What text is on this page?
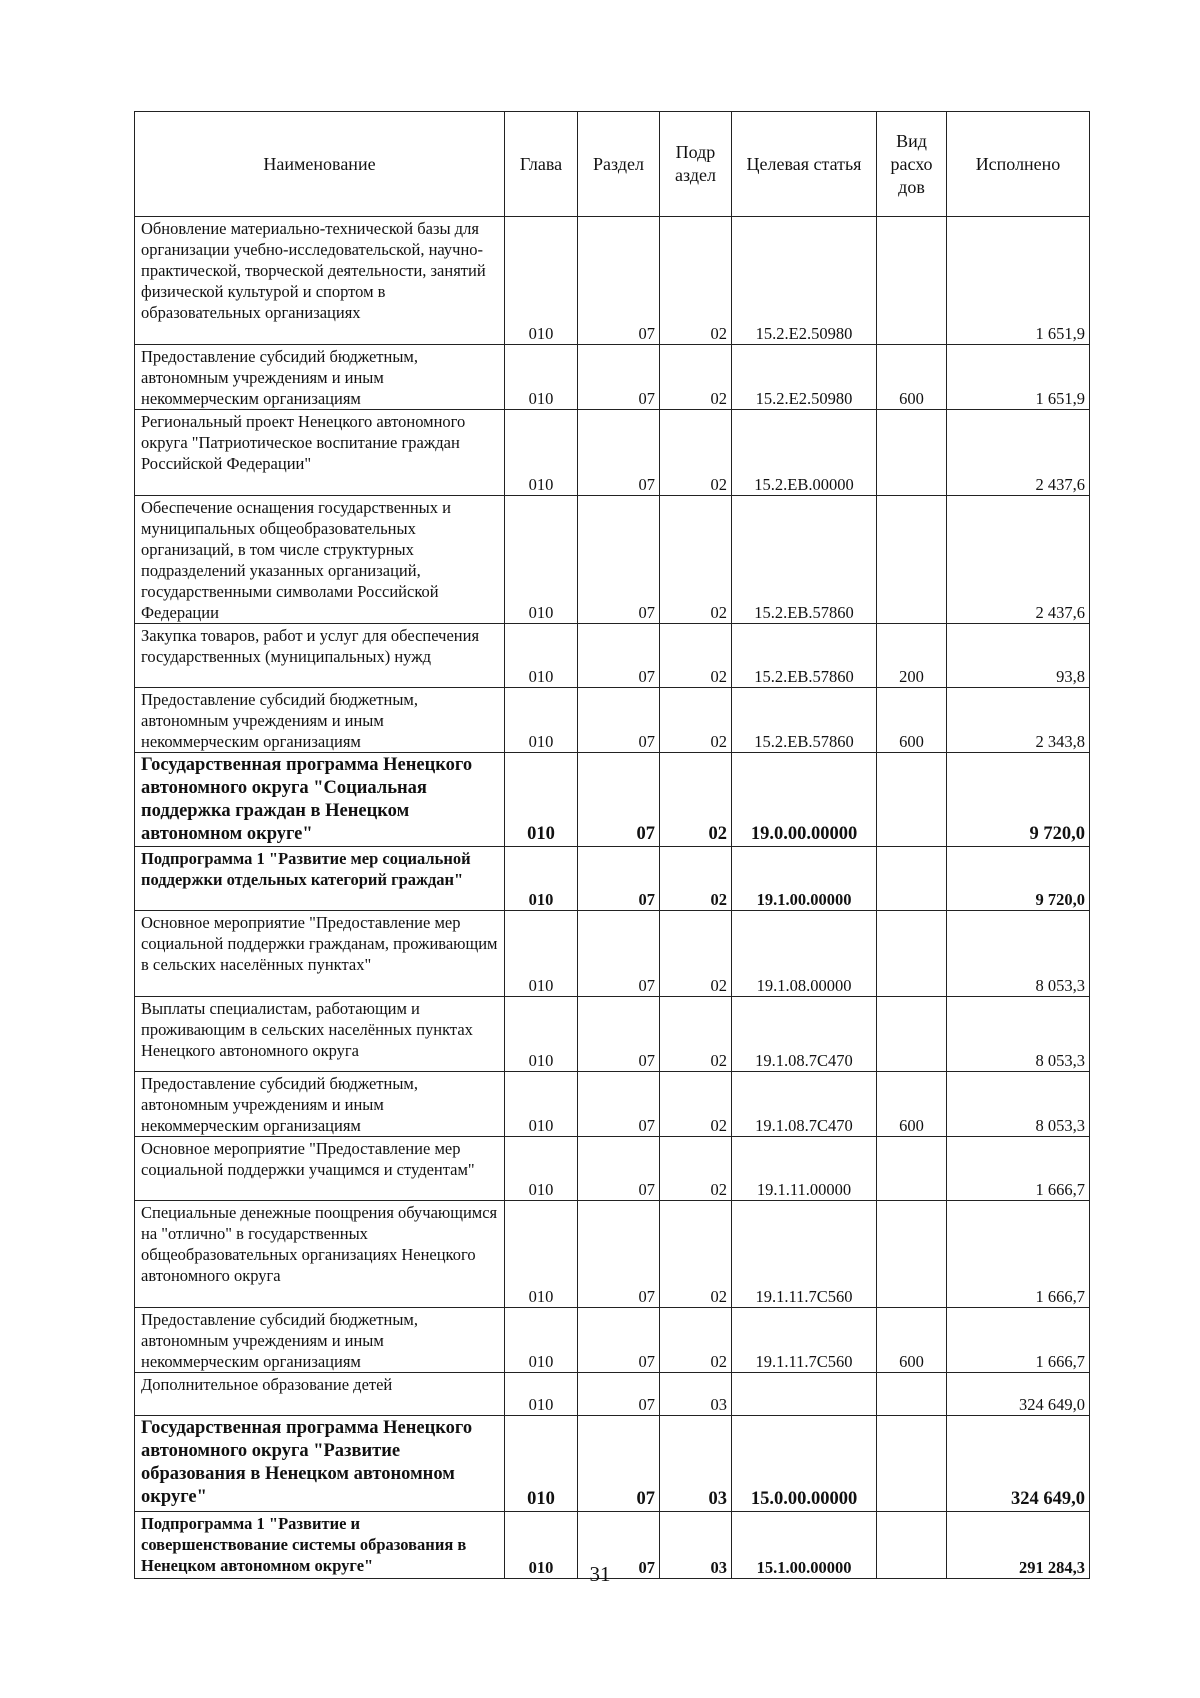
Наименование	Глава	Раздел	Подр аздел	Целевая статья	Вид расхо дов	Исполнено
Обновление материально-технической базы для организации учебно-исследовательской, научно-практической, творческой деятельности, занятий физической культурой и спортом в образовательных организациях	010	07	02	15.2.E2.50980		1 651,9
Предоставление субсидий бюджетным, автономным учреждениям и иным некоммерческим организациям	010	07	02	15.2.E2.50980	600	1 651,9
Региональный проект Ненецкого автономного округа "Патриотическое воспитание граждан Российской Федерации"	010	07	02	15.2.EB.00000		2 437,6
Обеспечение оснащения государственных и муниципальных общеобразовательных организаций, в том числе структурных подразделений указанных организаций, государственными символами Российской Федерации	010	07	02	15.2.EB.57860		2 437,6
Закупка товаров, работ и услуг для обеспечения государственных (муниципальных) нужд	010	07	02	15.2.EB.57860	200	93,8
Предоставление субсидий бюджетным, автономным учреждениям и иным некоммерческим организациям	010	07	02	15.2.EB.57860	600	2 343,8
Государственная программа Ненецкого автономного округа "Социальная поддержка граждан в Ненецком автономном округе"	010	07	02	19.0.00.00000		9 720,0
Подпрограмма 1 "Развитие мер социальной поддержки отдельных категорий граждан"	010	07	02	19.1.00.00000		9 720,0
Основное мероприятие "Предоставление мер социальной поддержки гражданам, проживающим в сельских населённых пунктах"	010	07	02	19.1.08.00000		8 053,3
Выплаты специалистам, работающим и проживающим в сельских населённых пунктах Ненецкого автономного округа	010	07	02	19.1.08.7C470		8 053,3
Предоставление субсидий бюджетным, автономным учреждениям и иным некоммерческим организациям	010	07	02	19.1.08.7C470	600	8 053,3
Основное мероприятие "Предоставление мер социальной поддержки учащимся и студентам"	010	07	02	19.1.11.00000		1 666,7
Специальные денежные поощрения обучающимся на "отлично" в государственных общеобразовательных организациях Ненецкого автономного округа	010	07	02	19.1.11.7C560		1 666,7
Предоставление субсидий бюджетным, автономным учреждениям и иным некоммерческим организациям	010	07	02	19.1.11.7C560	600	1 666,7
Дополнительное образование детей	010	07	03			324 649,0
Государственная программа Ненецкого автономного округа "Развитие образования в Ненецком автономном округе"	010	07	03	15.0.00.00000		324 649,0
Подпрограмма 1 "Развитие и совершенствование системы образования в Ненецком автономном округе"	010	07	03	15.1.00.00000		291 284,3
31
